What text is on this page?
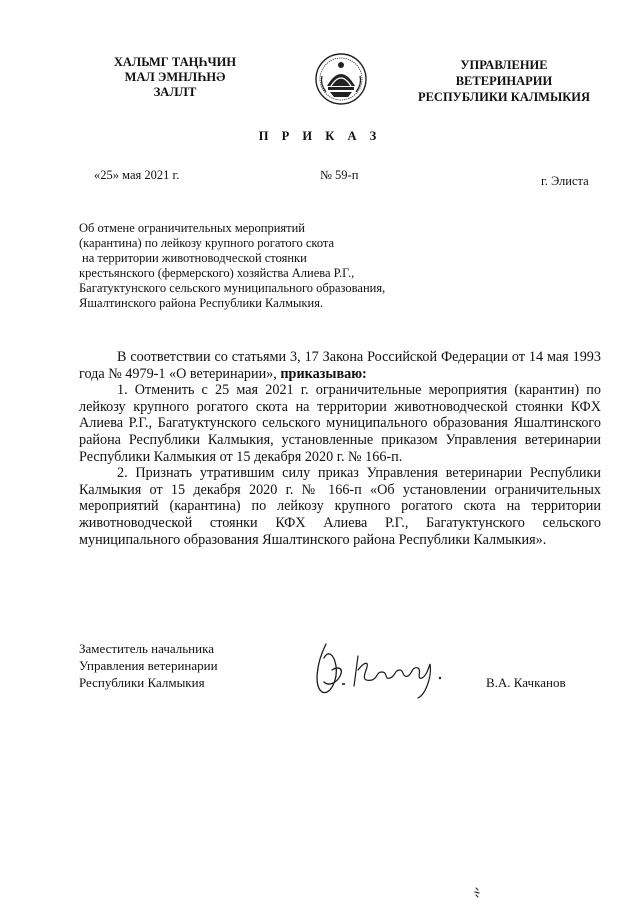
ХАЛЬМГ ТАҢҺЧИН
МАЛ ЭМНЛҺНӘ
ЗАЛЛТ
УПРАВЛЕНИЕ
ВЕТЕРИНАРИИ
РЕСПУБЛИКИ КАЛМЫКИЯ
П Р И К А З
«25» мая 2021 г.	№ 59-п	г. Элиста
Об отмене ограничительных мероприятий
(карантина) по лейкозу крупного рогатого скота
на территории животноводческой стоянки
крестьянского (фермерского) хозяйства Алиева Р.Г.,
Багатуктунского сельского муниципального образования,
Яшалтинского района Республики Калмыкия.

В соответствии со статьями 3, 17 Закона Российской Федерации от 14 мая 1993 года № 4979-1 «О ветеринарии», приказываю:

1. Отменить с 25 мая 2021 г. ограничительные мероприятия (карантин) по лейкозу крупного рогатого скота на территории животноводческой стоянки КФХ Алиева Р.Г., Багатуктунского сельского муниципального образования Яшалтинского района Республики Калмыкия, установленные приказом Управления ветеринарии Республики Калмыкия от 15 декабря 2020 г. № 166-п.

2. Признать утратившим силу приказ Управления ветеринарии Республики Калмыкия от 15 декабря 2020 г. № 166-п «Об установлении ограничительных мероприятий (карантина) по лейкозу крупного рогатого скота на территории животноводческой стоянки КФХ Алиева Р.Г., Багатуктунского сельского муниципального образования Яшалтинского района Республики Калмыкия».

Заместитель начальника
Управления ветеринарии
Республики Калмыкия	В.А. Качканов
